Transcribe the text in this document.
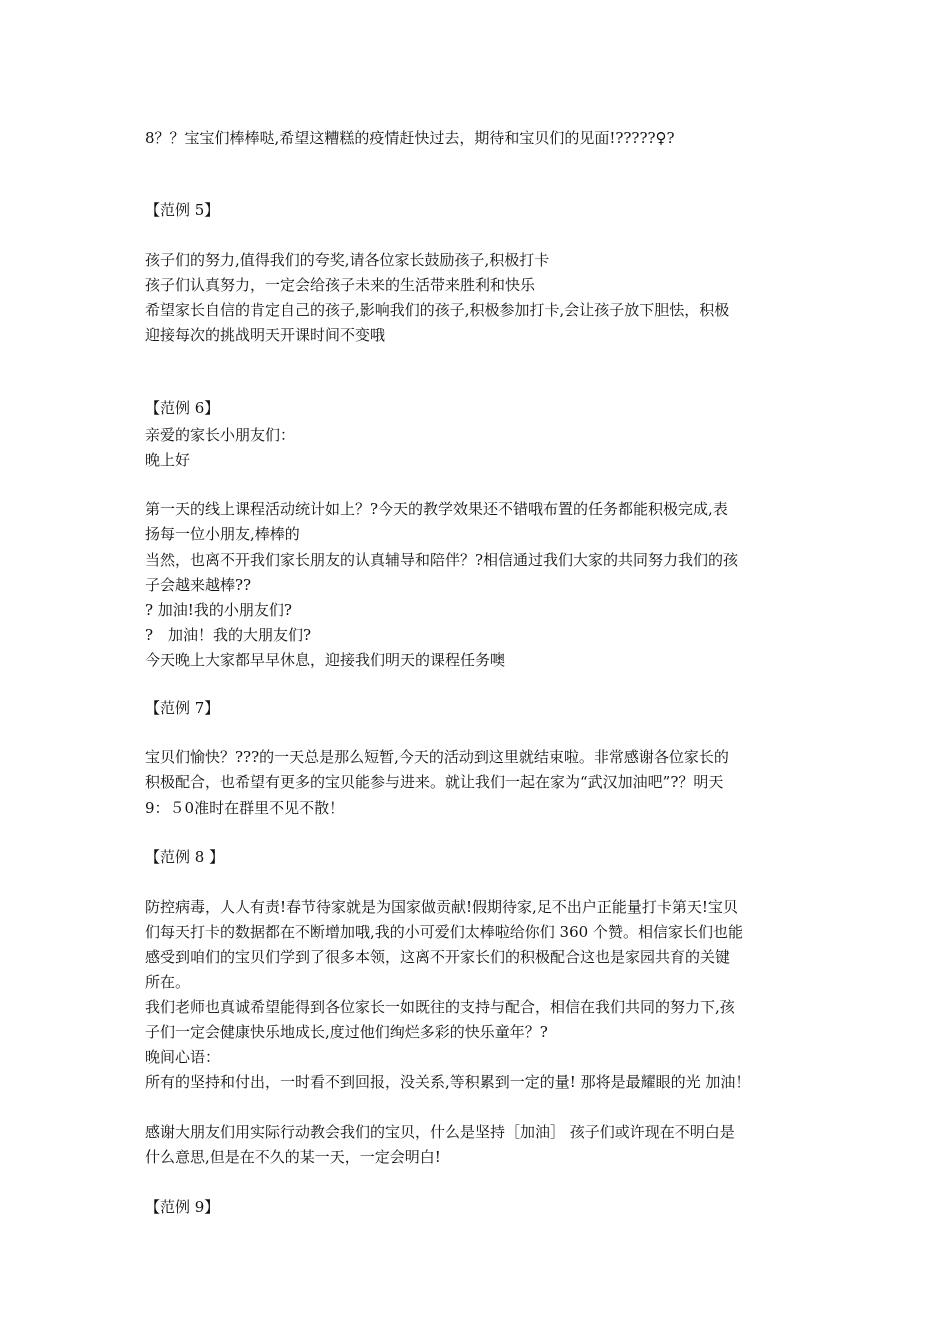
8？？宝宝们棒棒哒,希望这糟糕的疫情赶快过去，期待和宝贝们的见面!?????♀?
【范例 5】
孩子们的努力,值得我们的夸奖,请各位家长鼓励孩子,积极打卡
孩子们认真努力，一定会给孩子未来的生活带来胜利和快乐
希望家长自信的肯定自己的孩子,影响我们的孩子,积极参加打卡,会让孩子放下胆怯，积极
迎接每次的挑战明天开课时间不变哦
【范例 6】
亲爱的家长小朋友们：
晚上好
第一天的线上课程活动统计如上？?今天的教学效果还不错哦布置的任务都能积极完成,表
扬每一位小朋友,棒棒的
当然，也离不开我们家长朋友的认真辅导和陪伴？?相信通过我们大家的共同努力我们的孩
子会越来越棒??
? 加油!我的小朋友们?
?　加油！我的大朋友们?
今天晚上大家都早早休息，迎接我们明天的课程任务噢
【范例 7】
宝贝们愉快？???的一天总是那么短暂,今天的活动到这里就结束啦。非常感谢各位家长的
积极配合，也希望有更多的宝贝能参与进来。就让我们一起在家为“武汉加油吧”?？明天
9：５0准时在群里不见不散！
【范例 8 】
防控病毒，人人有责!春节待家就是为国家做贡献!假期待家,足不出户正能量打卡第天!宝贝
们每天打卡的数据都在不断增加哦,我的小可爱们太棒啦给你们 360 个赞。相信家长们也能
感受到咱们的宝贝们学到了很多本领，这离不开家长们的积极配合这也是家园共育的关键
所在。
我们老师也真诚希望能得到各位家长一如既往的支持与配合，相信在我们共同的努力下,孩
子们一定会健康快乐地成长,度过他们绚烂多彩的快乐童年？?
晚间心语：
所有的坚持和付出，一时看不到回报，没关系,等积累到一定的量! 那将是最耀眼的光 加油！
感谢大朋友们用实际行动教会我们的宝贝，什么是坚持［加油］ 孩子们或许现在不明白是
什么意思,但是在不久的某一天，一定会明白!
【范例 9】
